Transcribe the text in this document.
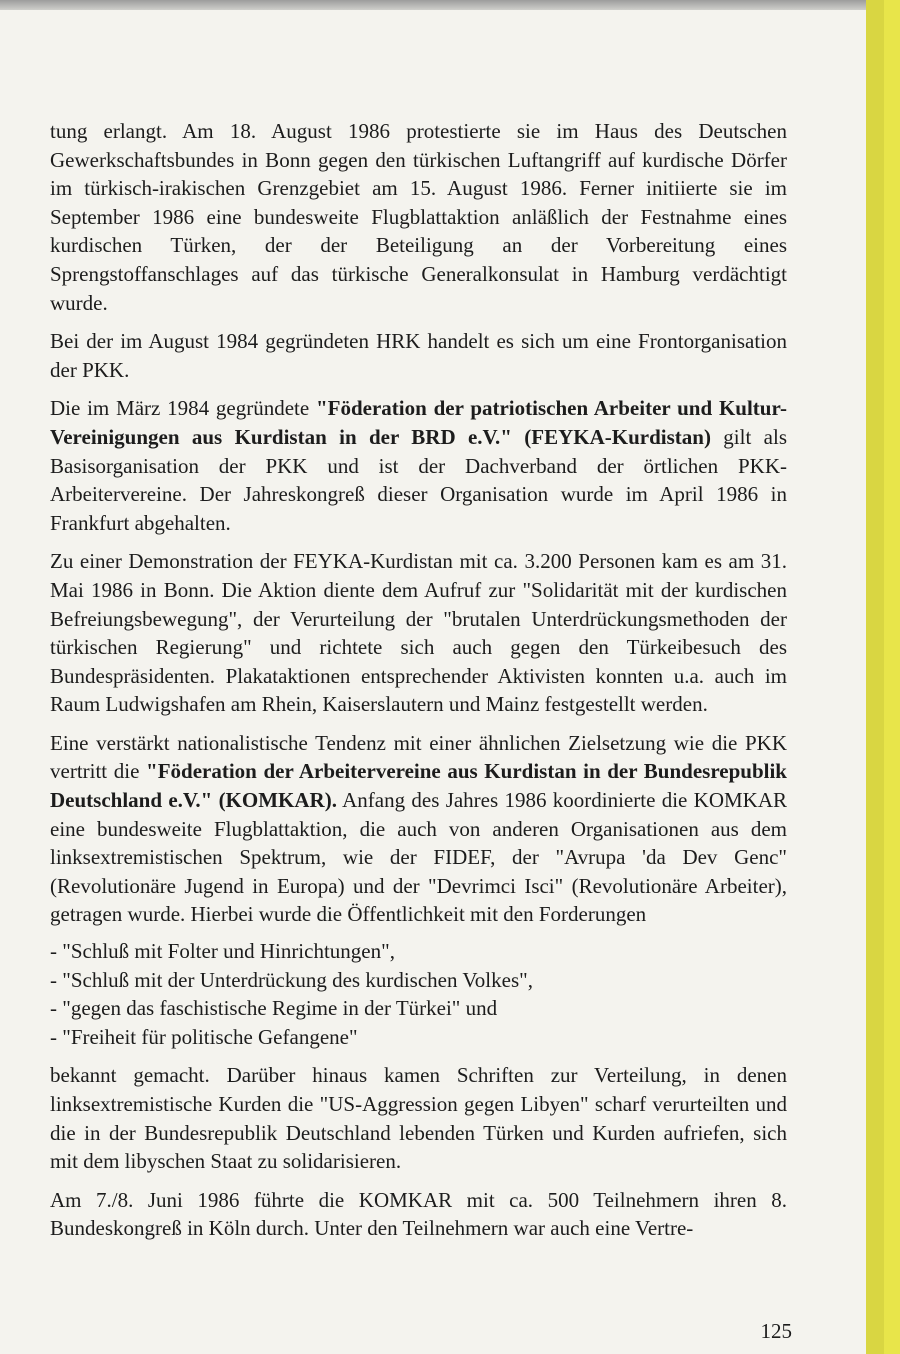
tung erlangt. Am 18. August 1986 protestierte sie im Haus des Deutschen Gewerkschaftsbundes in Bonn gegen den türkischen Luftangriff auf kurdische Dörfer im türkisch-irakischen Grenzgebiet am 15. August 1986. Ferner initiierte sie im September 1986 eine bundesweite Flugblattaktion anläßlich der Festnahme eines kurdischen Türken, der der Beteiligung an der Vorbereitung eines Sprengstoffanschlages auf das türkische Generalkonsulat in Hamburg verdächtigt wurde.

Bei der im August 1984 gegründeten HRK handelt es sich um eine Frontorganisation der PKK.

Die im März 1984 gegründete "Föderation der patriotischen Arbeiter und Kultur-Vereinigungen aus Kurdistan in der BRD e.V." (FEYKA-Kurdistan) gilt als Basisorganisation der PKK und ist der Dachverband der örtlichen PKK-Arbeitervereine. Der Jahreskongreß dieser Organisation wurde im April 1986 in Frankfurt abgehalten.

Zu einer Demonstration der FEYKA-Kurdistan mit ca. 3.200 Personen kam es am 31. Mai 1986 in Bonn. Die Aktion diente dem Aufruf zur "Solidarität mit der kurdischen Befreiungsbewegung", der Verurteilung der "brutalen Unterdrückungsmethoden der türkischen Regierung" und richtete sich auch gegen den Türkeibesuch des Bundespräsidenten. Plakataktionen entsprechender Aktivisten konnten u.a. auch im Raum Ludwigshafen am Rhein, Kaiserslautern und Mainz festgestellt werden.

Eine verstärkt nationalistische Tendenz mit einer ähnlichen Zielsetzung wie die PKK vertritt die "Föderation der Arbeitervereine aus Kurdistan in der Bundesrepublik Deutschland e.V." (KOMKAR). Anfang des Jahres 1986 koordinierte die KOMKAR eine bundesweite Flugblattaktion, die auch von anderen Organisationen aus dem linksextremistischen Spektrum, wie der FIDEF, der "Avrupa 'da Dev Genc" (Revolutionäre Jugend in Europa) und der "Devrimci Isci" (Revolutionäre Arbeiter), getragen wurde. Hierbei wurde die Öffentlichkeit mit den Forderungen

- "Schluß mit Folter und Hinrichtungen",
- "Schluß mit der Unterdrückung des kurdischen Volkes",
- "gegen das faschistische Regime in der Türkei" und
- "Freiheit für politische Gefangene"

bekannt gemacht. Darüber hinaus kamen Schriften zur Verteilung, in denen linksextremistische Kurden die "US-Aggression gegen Libyen" scharf verurteilten und die in der Bundesrepublik Deutschland lebenden Türken und Kurden aufriefen, sich mit dem libyschen Staat zu solidarisieren.

Am 7./8. Juni 1986 führte die KOMKAR mit ca. 500 Teilnehmern ihren 8. Bundeskongreß in Köln durch. Unter den Teilnehmern war auch eine Vertre-

125
